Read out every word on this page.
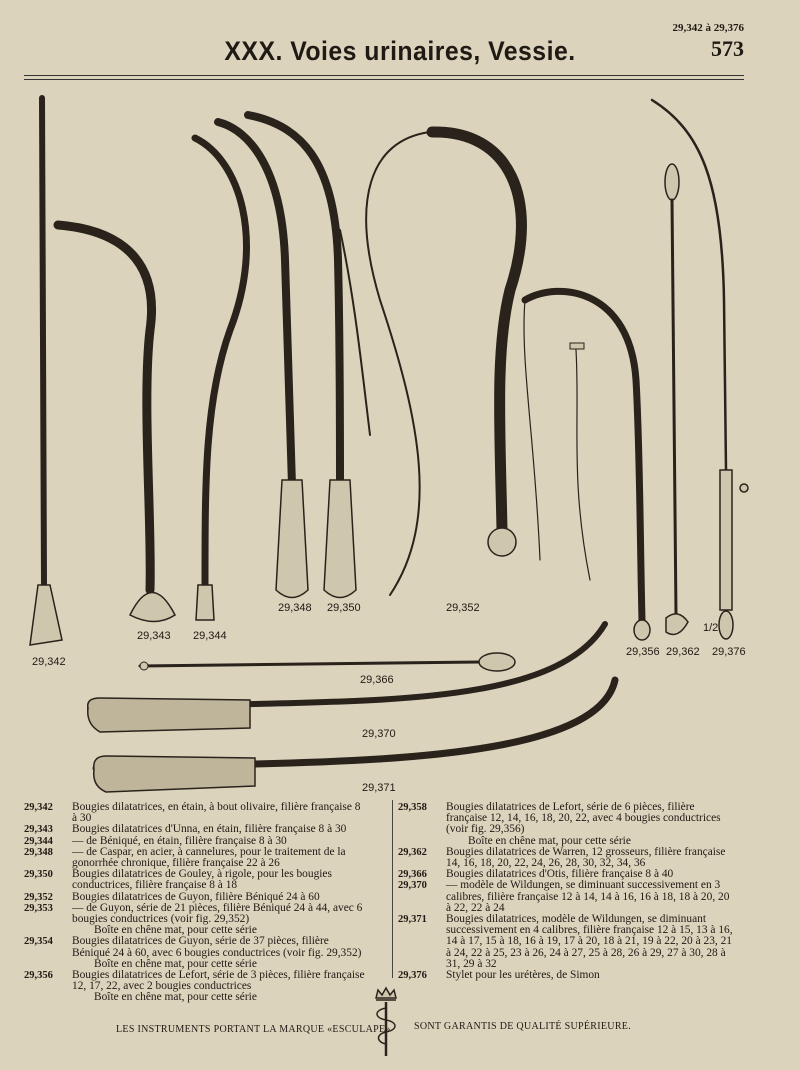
29,342 à 29,376
573
XXX. Voies urinaires, Vessie.
29,342
29,343 29,344
29,348 29,350	29,352
29,356 29,362
1/2
29,376
29,366
29,370
29,371
29,342	Bougies dilatatrices, en étain, à bout olivaire, filière française 8 à 30
29,343	Bougies dilatatrices d'Unna, en étain, filière française 8 à 30
29,344	— de Béniqué, en étain, filière française 8 à 30
29,348	— de Caspar, en acier, à cannelures, pour le traitement de la gonorrhée chronique, filière française 22 à 26
29,350	Bougies dilatatrices de Gouley, à rigole, pour les bougies conductrices, filière française 8 à 18
29,352	Bougies dilatatrices de Guyon, filière Béniqué 24 à 60
29,353	— de Guyon, série de 21 pièces, filière Béniqué 24 à 44, avec 6 bougies conductrices (voir fig. 29,352)
Boîte en chêne mat, pour cette série
29,354	Bougies dilatatrices de Guyon, série de 37 pièces, filière Béniqué 24 à 60, avec 6 bougies conductrices (voir fig. 29,352)
Boîte en chêne mat, pour cette série
29,356	Bougies dilatatrices de Lefort, série de 3 pièces, filière française 12, 17, 22, avec 2 bougies conductrices
Boîte en chêne mat, pour cette série
29,358	Bougies dilatatrices de Lefort, série de 6 pièces, filière française 12, 14, 16, 18, 20, 22, avec 4 bougies conductrices (voir fig. 29,356)
Boîte en chêne mat, pour cette série
29,362	Bougies dilatatrices de Warren, 12 grosseurs, filière française 14, 16, 18, 20, 22, 24, 26, 28, 30, 32, 34, 36
29,366	Bougies dilatatrices d'Otis, filière française 8 à 40
29,370	— modèle de Wildungen, se diminuant successivement en 3 calibres, filière française 12 à 14, 14 à 16, 16 à 18, 18 à 20, 20 à 22, 22 à 24
29,371	Bougies dilatatrices, modèle de Wildungen, se diminuant successivement en 4 calibres, filière française 12 à 15, 13 à 16, 14 à 17, 15 à 18, 16 à 19, 17 à 20, 18 à 21, 19 à 22, 20 à 23, 21 à 24, 22 à 25, 23 à 26, 24 à 27, 25 à 28, 26 à 29, 27 à 30, 28 à 31, 29 à 32
29,376	Stylet pour les urétères, de Simon
LES INSTRUMENTS PORTANT LA MARQUE «ESCULAPE» SONT GARANTIS DE QUALITÉ SUPÉRIEURE.
